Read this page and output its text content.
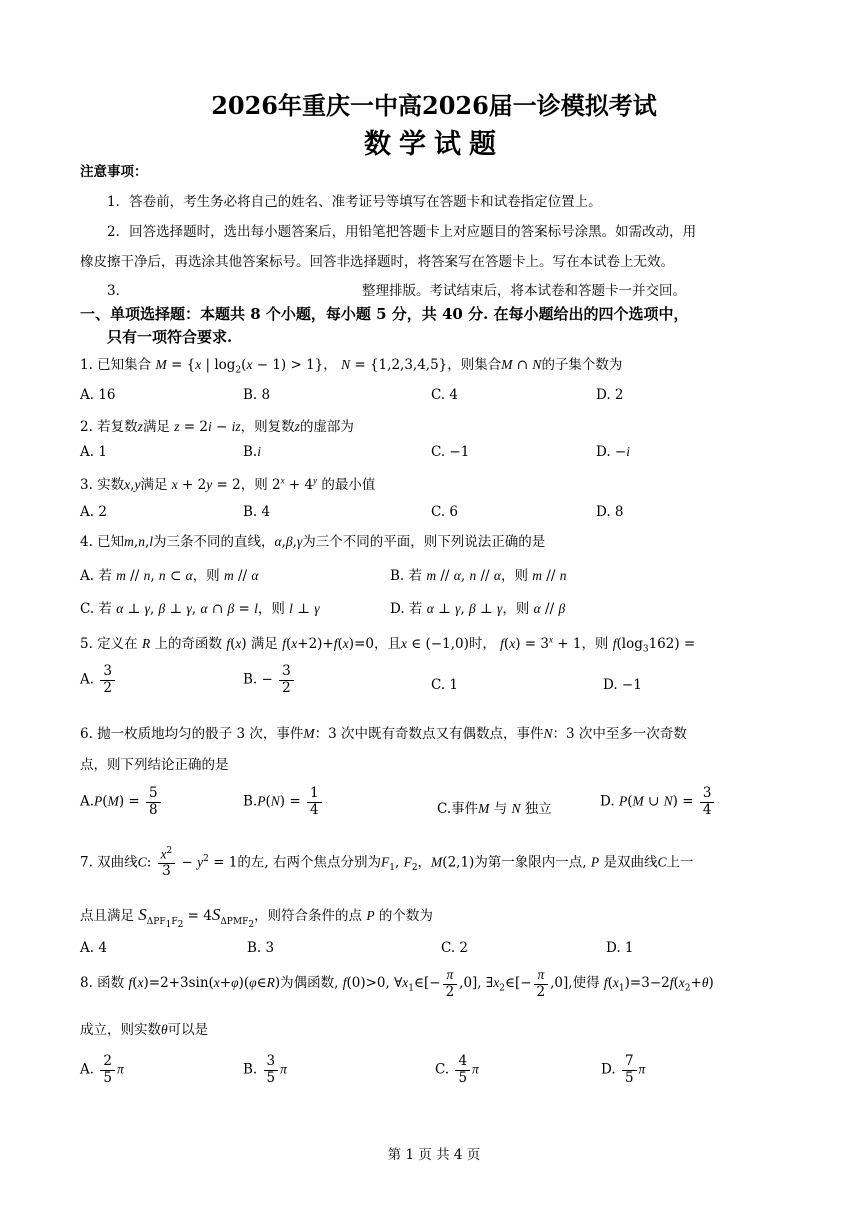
2026年重庆一中高2026届一诊模拟考试
数学试题
注意事项：
1．答卷前，考生务必将自己的姓名、准考证号等填写在答题卡和试卷指定位置上。
2．回答选择题时，选出每小题答案后，用铅笔把答题卡上对应题目的答案标号涂黑。如需改动，用
橡皮擦干净后，再选涂其他答案标号。回答非选择题时，将答案写在答题卡上。写在本试卷上无效。
3．	整理排版。考试结束后，将本试卷和答题卡一并交回。
一、单项选择题：本题共 8 个小题，每小题 5 分，共 40 分. 在每小题给出的四个选项中，
只有一项符合要求.
1. 已知集合 M = {x | $\log_2(x - 1) > 1$}， N = {1,2,3,4,5}，则集合M ∩ N的子集个数为
A. 16	B. 8	C. 4	D. 2
2. 若复数z满足 z = 2i − iz，则复数z的虚部为
A. 1	B.i	C. −1	D. −i
3. 实数x,y满足 x + 2y = 2，则 $2^x + 4^y$ 的最小值
A. 2	B. 4	C. 6	D. 8
4. 已知m,n,l为三条不同的直线，α,β,γ为三个不同的平面，则下列说法正确的是
A. 若 m // n, n ⊂ α，则 m // α	B. 若 m // α, n // α，则 m // n
C. 若 α ⊥ γ, β ⊥ γ, α ∩ β = l，则 l ⊥ γ	D. 若 α ⊥ γ, β ⊥ γ，则 α // β
5. 定义在 R 上的奇函数 f(x) 满足 f(x+2)+f(x)=0，且x ∈ (−1,0)时， $f(x) = 3^x + 1$，则 $f(\log_3162)$ =
A. $\frac{3}{2}$	B. − $\frac{3}{2}$	C. 1	D. −1
6. 抛一枚质地均匀的骰子 3 次，事件M：3 次中既有奇数点又有偶数点，事件N：3 次中至多一次奇数
点，则下列结论正确的是
$A.P(M) = \frac{5}{8}$	$B.P(N) = \frac{1}{4}$	C.事件M 与 N 独立	D. P(M ∪ $N) = \frac{3}{4}$
7. 双曲线C: $\frac{x^2}{3} - y^2 = 1$的左, 右两个焦点分别为$F_1$, $F_2$，M(2,1)为第一象限内一点, P 是双曲线C上一
点且满足 $S_{\Delta PF_1F_2} = 4S_{\Delta PMF_2}$，则符合条件的点 P 的个数为
A. 4	B. 3	C. 2	D. 1
8. 函数 f(x)=2+3sin(x+φ)(φ∈R)为偶函数, f(0)>0, $\forall x_1\in[- \frac{\pi}{2} ,0]$, $\exists x_2\in[- \frac{\pi}{2} ,0]$,使得 $f(x_1)=3-2f(x_2+\theta)$
成立，则实数θ可以是
A. $\frac{2}{5}$ π	B. $\frac{3}{5}$ π	C. $\frac{4}{5}$ π	D. $\frac{7}{5}$ π
第 1 页 共 4 页
